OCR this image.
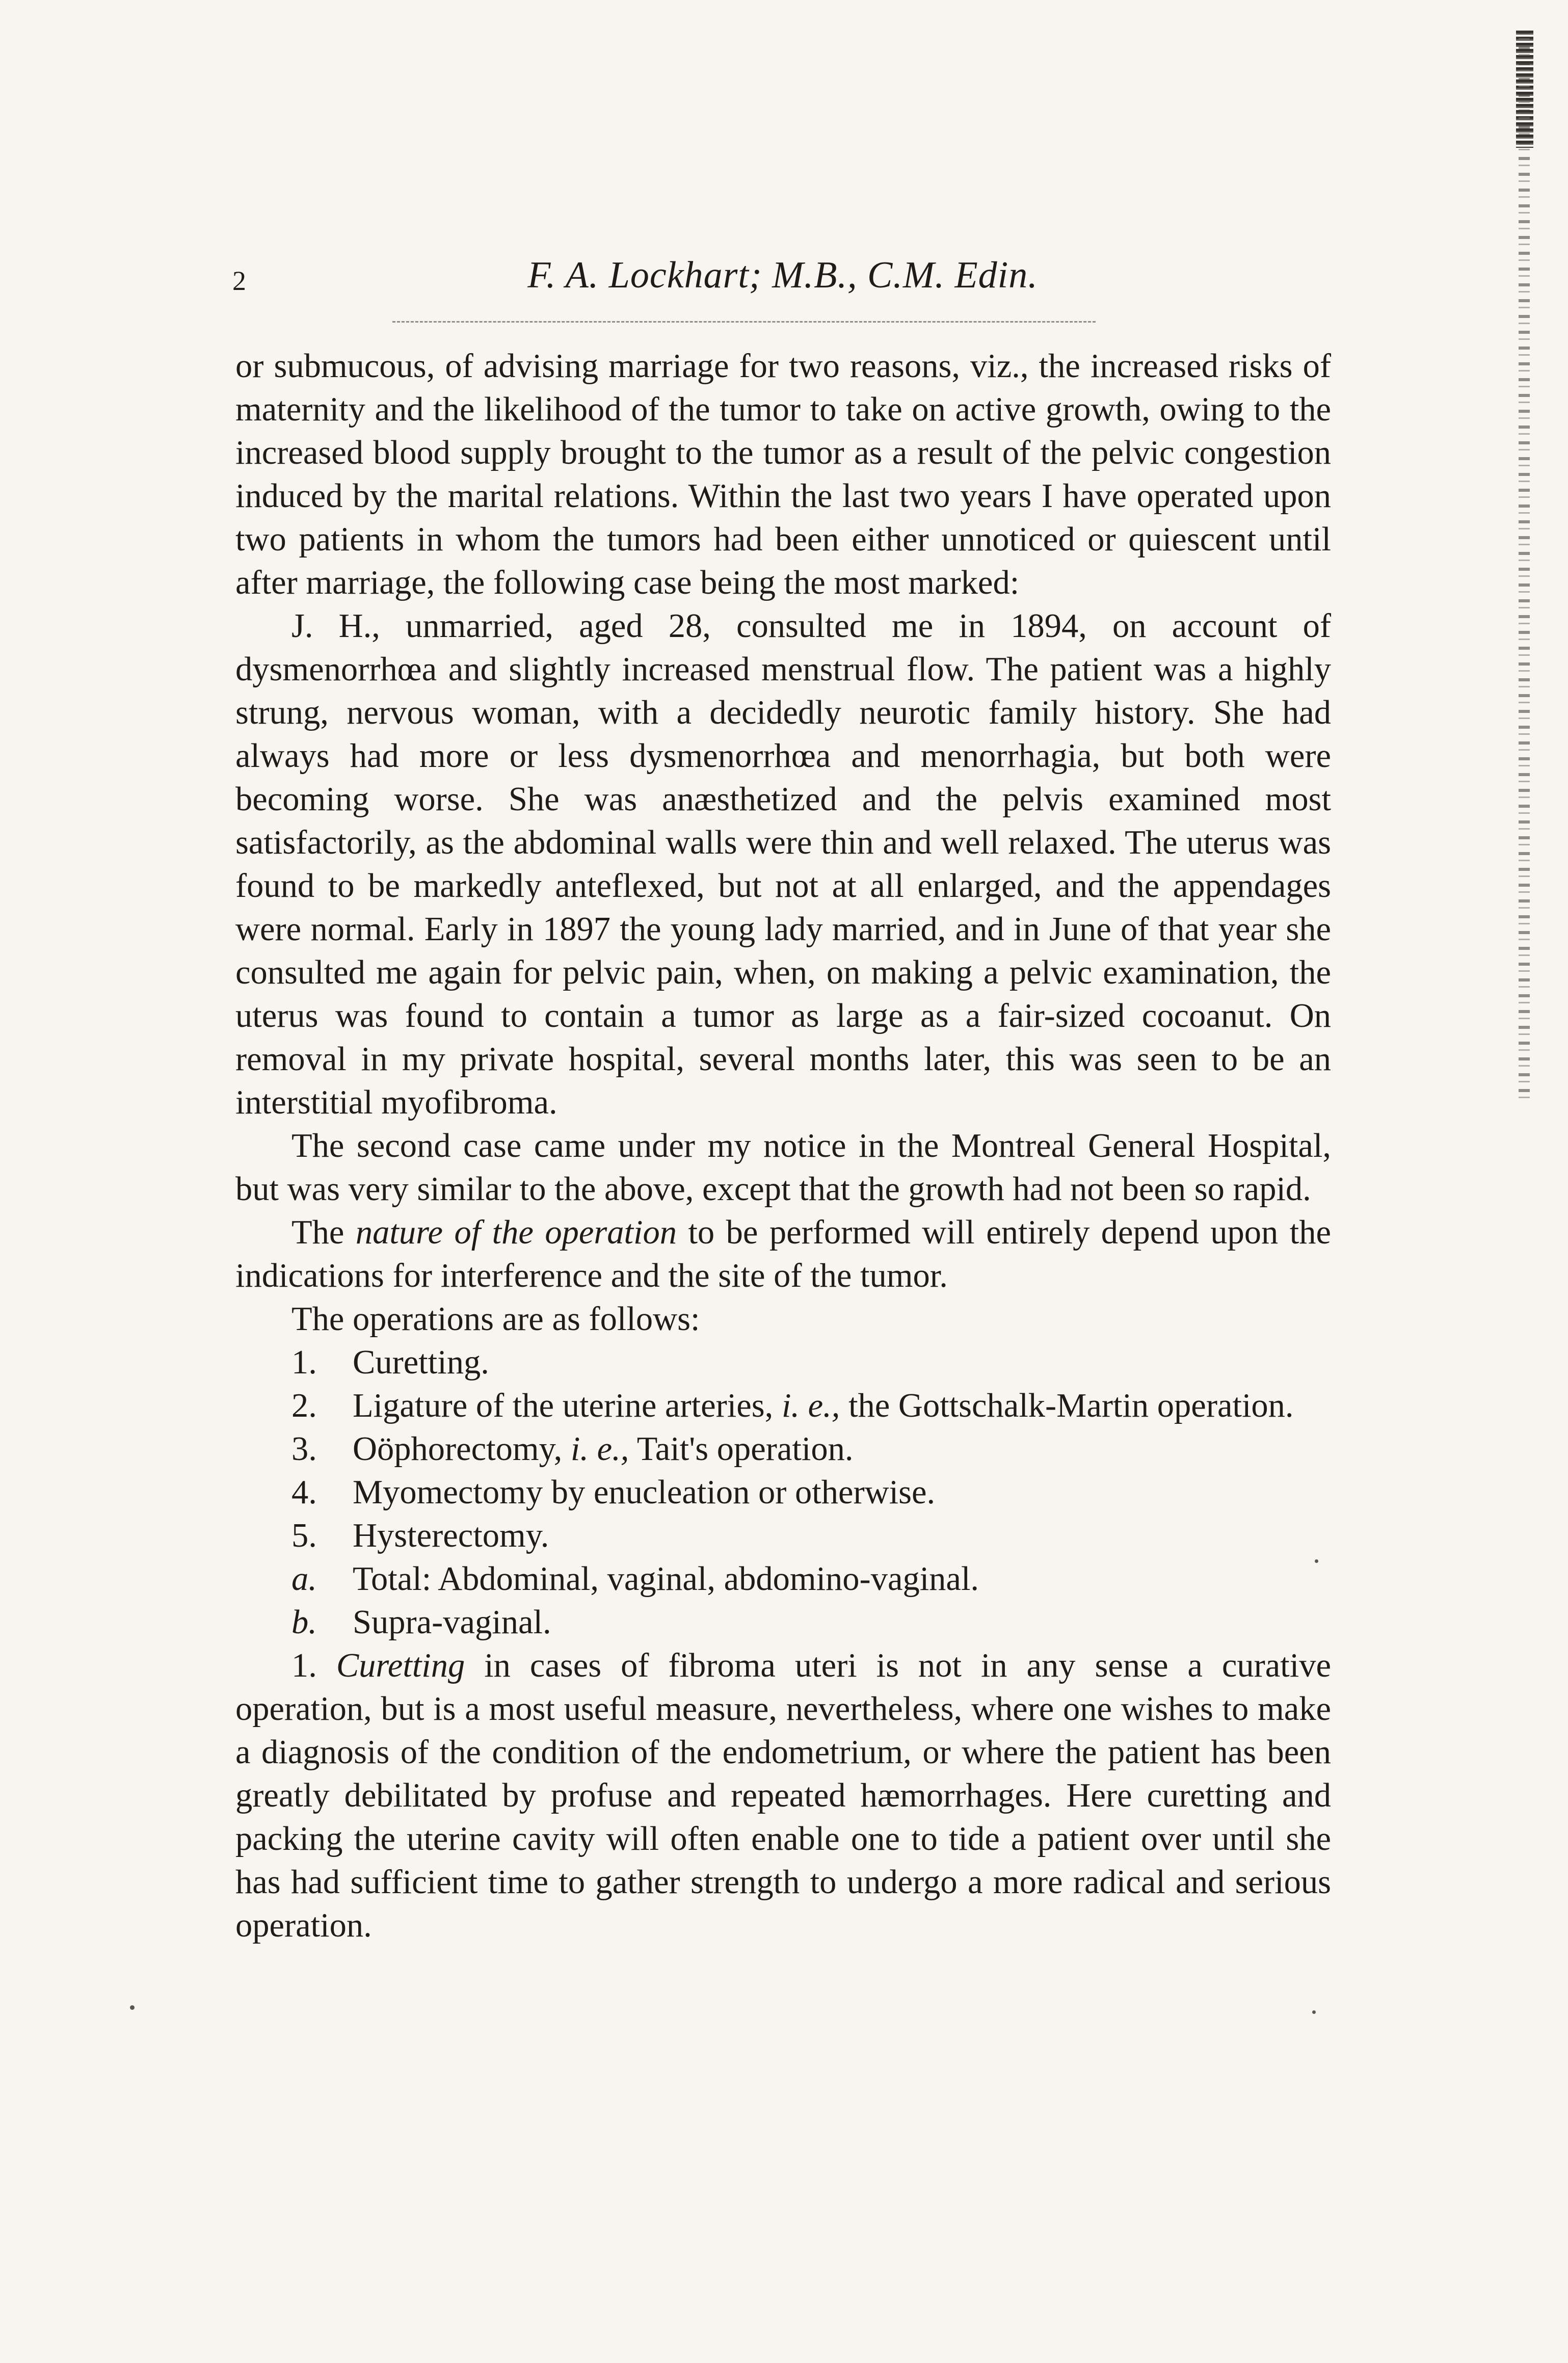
2	F. A. Lockhart; M.B., C.M. Edin.

or submucous, of advising marriage for two reasons, viz., the increased risks of maternity and the likelihood of the tumor to take on active growth, owing to the increased blood supply brought to the tumor as a result of the pelvic congestion induced by the marital relations. Within the last two years I have operated upon two patients in whom the tumors had been either unnoticed or quiescent until after marriage, the following case being the most marked:

J. H., unmarried, aged 28, consulted me in 1894, on account of dysmenorrhœa and slightly increased menstrual flow. The patient was a highly strung, nervous woman, with a decidedly neurotic family history. She had always had more or less dysmenorrhœa and menorrhagia, but both were becoming worse. She was anæsthetized and the pelvis examined most satisfactorily, as the abdominal walls were thin and well relaxed. The uterus was found to be markedly anteflexed, but not at all enlarged, and the appendages were normal. Early in 1897 the young lady married, and in June of that year she consulted me again for pelvic pain, when, on making a pelvic examination, the uterus was found to contain a tumor as large as a fair-sized cocoanut. On removal in my private hospital, several months later, this was seen to be an interstitial myofibroma.

The second case came under my notice in the Montreal General Hospital, but was very similar to the above, except that the growth had not been so rapid.

The nature of the operation to be performed will entirely depend upon the indications for interference and the site of the tumor.

The operations are as follows:

1. Curetting.

2. Ligature of the uterine arteries, i. e., the Gottschalk-Martin operation.

3. Oöphorectomy, i. e., Tait's operation.

4. Myomectomy by enucleation or otherwise.

5. Hysterectomy.

a. Total: Abdominal, vaginal, abdomino-vaginal.

b. Supra-vaginal.

1. Curetting in cases of fibroma uteri is not in any sense a curative operation, but is a most useful measure, nevertheless, where one wishes to make a diagnosis of the condition of the endometrium, or where the patient has been greatly debilitated by profuse and repeated hæmorrhages. Here curetting and packing the uterine cavity will often enable one to tide a patient over until she has had sufficient time to gather strength to undergo a more radical and serious operation.
